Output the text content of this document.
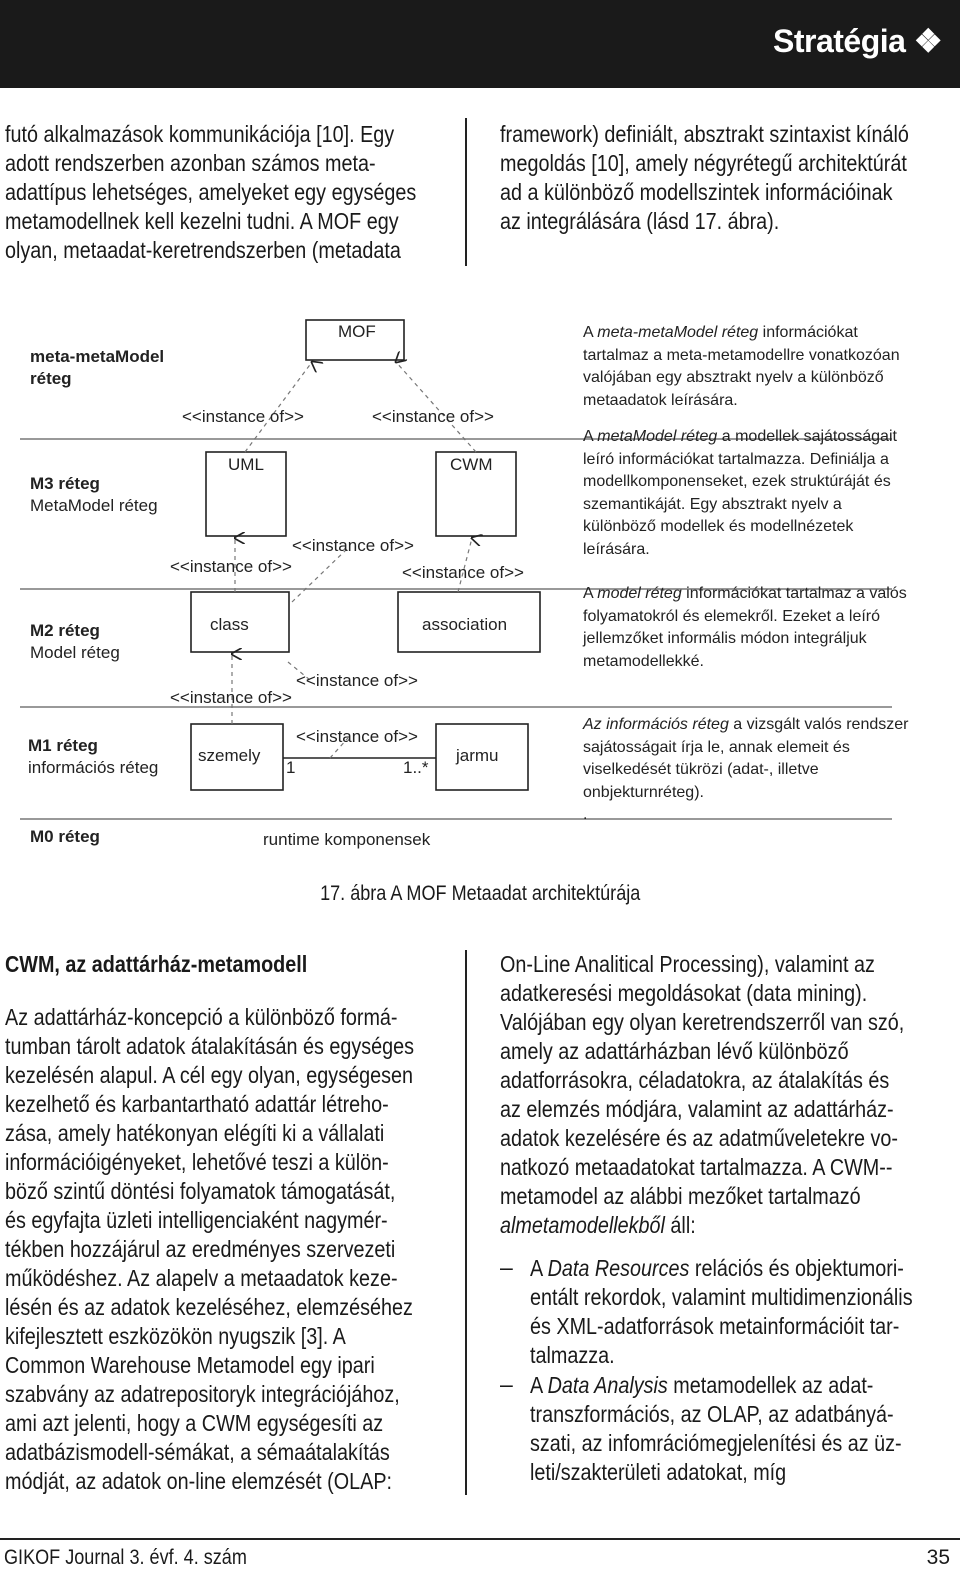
Stratégia ❖
futó alkalmazások kommunikációja [10]. Egy
adott rendszerben azonban számos meta-
adattípus lehetséges, amelyeket egy egységes
metamodellnek kell kezelni tudni. A MOF egy
olyan, metaadat-keretrendszerben (metadata
framework) definiált, absztrakt szintaxist kínáló
megoldás [10], amely négyrétegű architektúrát
ad a különböző modellszintek információinak
az integrálására (lásd 17. ábra).
MOF
UML	CWM
class	association
szemely	jarmu
<<instance of>>	<<instance of>>
<<instance of>>
<<instance of>>	<<instance of>>
<<instance of>>
<<instance of>>
<<instance of>>
1	1..*
runtime komponensek
meta-metaModel
réteg
M3 réteg
MetaModel réteg
M2 réteg
Model réteg
M1 réteg
információs réteg
M0 réteg
A meta-metaModel réteg információkat tartalmaz a meta-metamodellre vonatkozóan valójában egy absztrakt nyelv a különböző metaadatok leírására.
A metaModel réteg a modellek sajátosságait leíró információkat tartalmazza. Definiálja a modellkomponenseket, ezek struktúráját és szemantikáját. Egy absztrakt nyelv a különböző modellek és modellnézetek leírására.
A model réteg információkat tartalmaz a valós folyamatokról és elemekről. Ezeket a leíró jellemzőket informális módon integráljuk metamodellekké.
Az információs réteg a vizsgált valós rendszer sajátosságait írja le, annak elemeit és viselkedését tükrözi (adat-, illetve onbjekturnréteg).
.
17. ábra A MOF Metaadat architektúrája
CWM, az adattárház-metamodell
Az adattárház-koncepció a különböző formá-
tumban tárolt adatok átalakításán és egységes
kezelésén alapul. A cél egy olyan, egységesen
kezelhető és karbantartható adattár létreho-
zása, amely hatékonyan elégíti ki a vállalati
információigényeket, lehetővé teszi a külön-
böző szintű döntési folyamatok támogatását,
és egyfajta üzleti intelligenciaként nagymér-
tékben hozzájárul az eredményes szervezeti
működéshez. Az alapelv a metaadatok keze-
lésén és az adatok kezeléséhez, elemzéséhez
kifejlesztett eszközökön nyugszik [3]. A
Common Warehouse Metamodel egy ipari
szabvány az adatrepositoryk integrációjához,
ami azt jelenti, hogy a CWM egységesíti az
adatbázismodell-sémákat, a sémaátalakítás
módját, az adatok on-line elemzését (OLAP:
On-Line Analitical Processing), valamint az
adatkeresési megoldásokat (data mining).
Valójában egy olyan keretrendszerről van szó,
amely az adattárházban lévő különböző
adatforrásokra, céladatokra, az átalakítás és
az elemzés módjára, valamint az adattárház-
adatok kezelésére és az adatműveletekre vo-
natkozó metaadatokat tartalmazza. A CWM--
metamodel az alábbi mezőket tartalmazó
almetamodellekből áll:
– A Data Resources relációs és objektumori-
entált rekordok, valamint multidimenzionális
és XML-adatforrások metainformációit tar-
talmazza.
– A Data Analysis metamodellek az adat-
transzformációs, az OLAP, az adatbányá-
szati, az infomrációmegjelenítési és az üz-
leti/szakterületi adatokat, míg
GIKOF Journal 3. évf. 4. szám	35
